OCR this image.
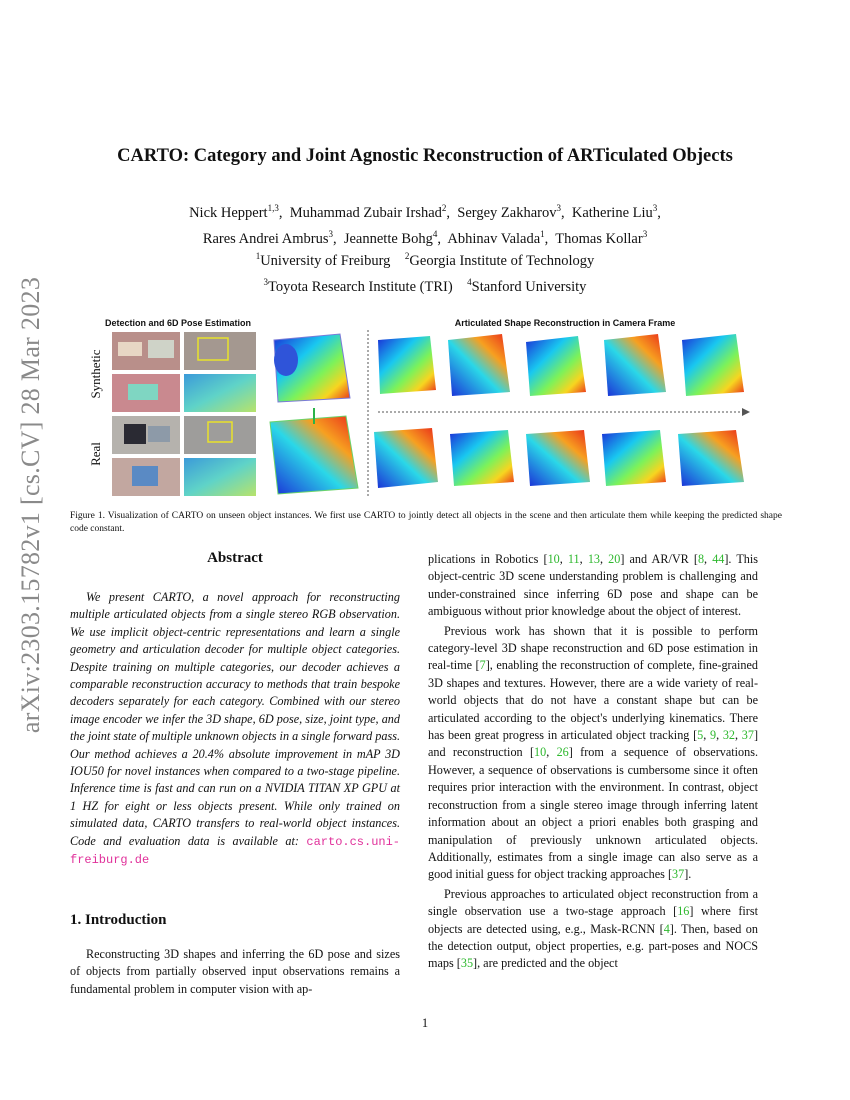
arXiv:2303.15782v1 [cs.CV] 28 Mar 2023
CARTO: Category and Joint Agnostic Reconstruction of ARTiculated Objects
Nick Heppert$^{1,3}$,  Muhammad Zubair Irshad$^2$,  Sergey Zakharov$^3$,  Katherine Liu$^3$,
Rares Andrei Ambrus$^3$,  Jeannette Bohg$^4$,  Abhinav Valada$^1$,  Thomas Kollar$^3$
$^1$University of Freiburg $^2$Georgia Institute of Technology
$^3$Toyota Research Institute (TRI) $^4$Stanford University
Detection and 6D Pose Estimation	Articulated Shape Reconstruction in Camera Frame
Synthetic
Real
Figure 1. Visualization of CARTO on unseen object instances. We first use CARTO to jointly detect all objects in the scene and then articulate them while keeping the predicted shape code constant.
Abstract
We present CARTO, a novel approach for reconstructing multiple articulated objects from a single stereo RGB observation. We use implicit object-centric representations and learn a single geometry and articulation decoder for multiple object categories. Despite training on multiple categories, our decoder achieves a comparable reconstruction accuracy to methods that train bespoke decoders separately for each category. Combined with our stereo image encoder we infer the 3D shape, 6D pose, size, joint type, and the joint state of multiple unknown objects in a single forward pass. Our method achieves a 20.4% absolute improvement in mAP 3D IOU50 for novel instances when compared to a two-stage pipeline. Inference time is fast and can run on a NVIDIA TITAN XP GPU at 1 HZ for eight or less objects present. While only trained on simulated data, CARTO transfers to real-world object instances. Code and evaluation data is available at: carto.cs.uni-freiburg.de
1. Introduction
Reconstructing 3D shapes and inferring the 6D pose and sizes of objects from partially observed input observations remains a fundamental problem in computer vision with ap-
plications in Robotics [10, 11, 13, 20] and AR/VR [8, 44]. This object-centric 3D scene understanding problem is challenging and under-constrained since inferring 6D pose and shape can be ambiguous without prior knowledge about the object of interest.
Previous work has shown that it is possible to perform category-level 3D shape reconstruction and 6D pose estimation in real-time [7], enabling the reconstruction of complete, fine-grained 3D shapes and textures. However, there are a wide variety of real-world objects that do not have a constant shape but can be articulated according to the object's underlying kinematics. There has been great progress in articulated object tracking [5, 9, 32, 37] and reconstruction [10, 26] from a sequence of observations. However, a sequence of observations is cumbersome since it often requires prior interaction with the environment. In contrast, object reconstruction from a single stereo image through inferring latent information about an object a priori enables both grasping and manipulation of previously unknown articulated objects. Additionally, estimates from a single image can also serve as a good initial guess for object tracking approaches [37].
Previous approaches to articulated object reconstruction from a single observation use a two-stage approach [16] where first objects are detected using, e.g., Mask-RCNN [4]. Then, based on the detection output, object properties, e.g. part-poses and NOCS maps [35], are predicted and the object
1
